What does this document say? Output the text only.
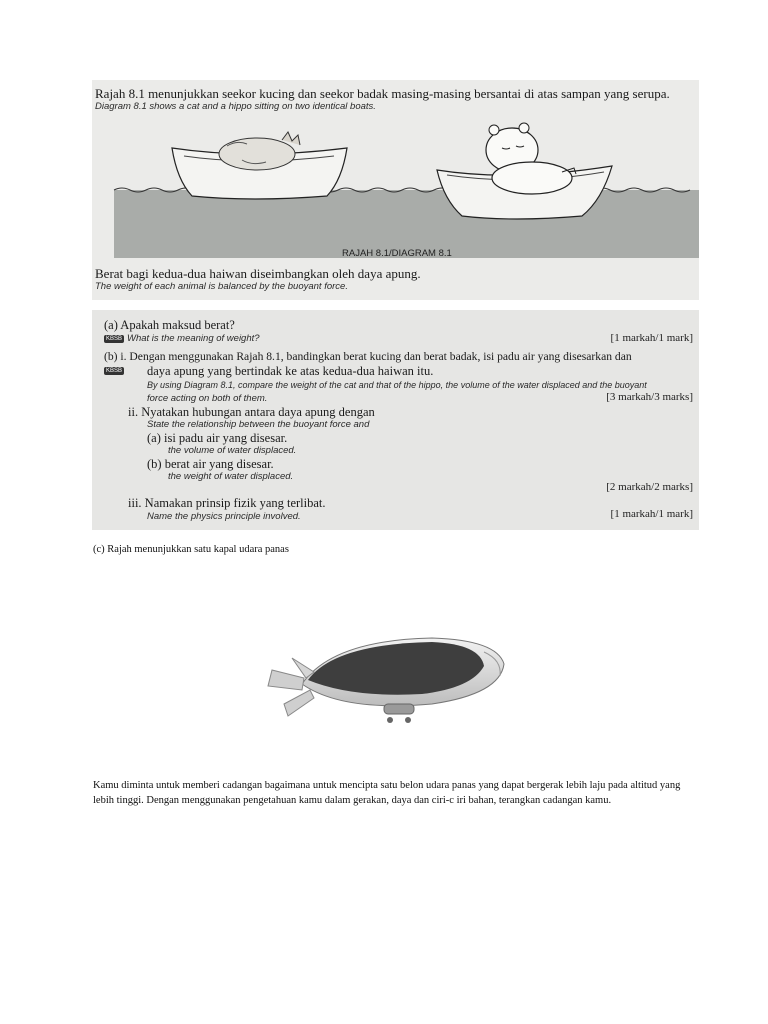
Rajah 8.1 menunjukkan seekor kucing dan seekor badak masing-masing bersantai di atas sampan yang serupa.
Diagram 8.1 shows a cat and a hippo sitting on two identical boats.
RAJAH 8.1/DIAGRAM 8.1
Berat bagi kedua-dua haiwan diseimbangkan oleh daya apung.
The weight of each animal is balanced by the buoyant force.
(a) Apakah maksud berat?
KBSB What is the meaning of weight?	[1 markah/1 mark]
(b) i. Dengan menggunakan Rajah 8.1, bandingkan berat kucing dan berat badak, isi padu air yang disesarkan dan
KBSB daya apung yang bertindak ke atas kedua-dua haiwan itu.
By using Diagram 8.1, compare the weight of the cat and that of the hippo, the volume of the water displaced and the buoyant
force acting on both of them.	[3 markah/3 marks]
ii. Nyatakan hubungan antara daya apung dengan
State the relationship between the buoyant force and
(a) isi padu air yang disesar.
the volume of water displaced.
(b) berat air yang disesar.
the weight of water displaced.
[2 markah/2 marks]
iii. Namakan prinsip fizik yang terlibat.
Name the physics principle involved.	[1 markah/1 mark]
(c) Rajah menunjukkan satu kapal udara panas

Kamu diminta untuk memberi cadangan bagaimana untuk mencipta satu belon udara panas yang dapat bergerak lebih laju pada altitud yang lebih tinggi. Dengan menggunakan pengetahuan kamu dalam gerakan, daya dan ciri-c iri bahan, terangkan cadangan kamu.
